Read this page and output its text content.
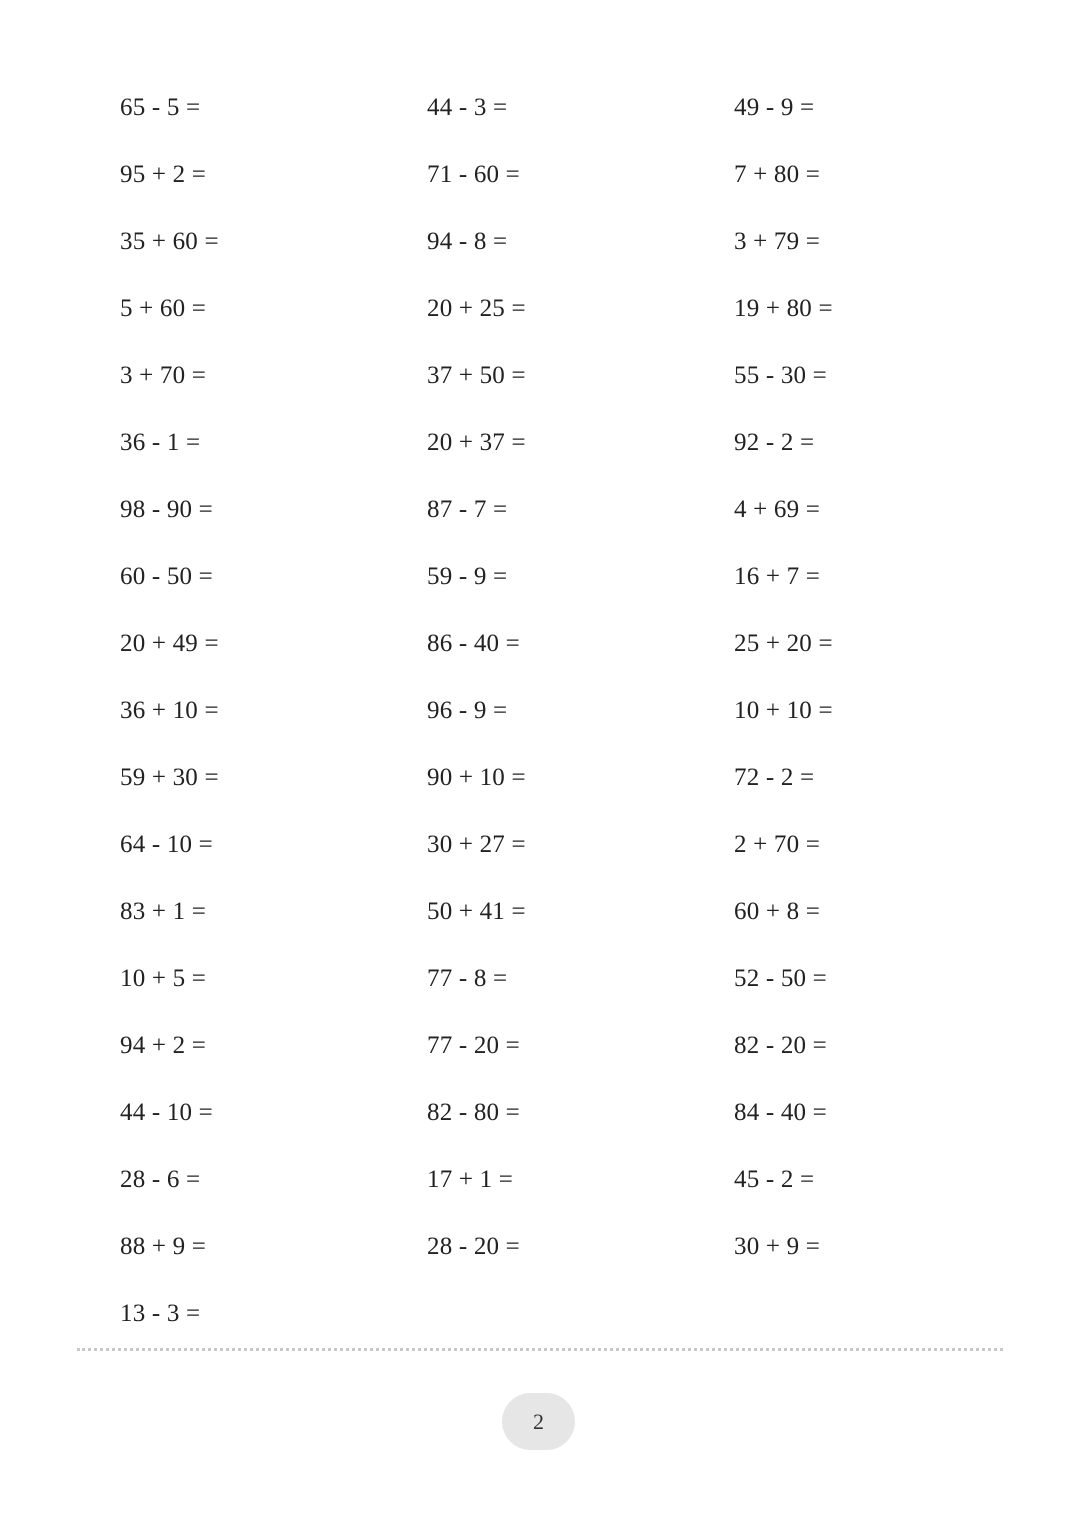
65 - 5 =
95 + 2 =
35 + 60 =
5 + 60 =
3 + 70 =
36 - 1 =
98 - 90 =
60 - 50 =
20 + 49 =
36 + 10 =
59 + 30 =
64 - 10 =
83 + 1 =
10 + 5 =
94 + 2 =
44 - 10 =
28 - 6 =
88 + 9 =
13 - 3 =
44 - 3 =
71 - 60 =
94 - 8 =
20 + 25 =
37 + 50 =
20 + 37 =
87 - 7 =
59 - 9 =
86 - 40 =
96 - 9 =
90 + 10 =
30 + 27 =
50 + 41 =
77 - 8 =
77 - 20 =
82 - 80 =
17 + 1 =
28 - 20 =
49 - 9 =
7 + 80 =
3 + 79 =
19 + 80 =
55 - 30 =
92 - 2 =
4 + 69 =
16 + 7 =
25 + 20 =
10 + 10 =
72 - 2 =
2 + 70 =
60 + 8 =
52 - 50 =
82 - 20 =
84 - 40 =
45 - 2 =
30 + 9 =
2
